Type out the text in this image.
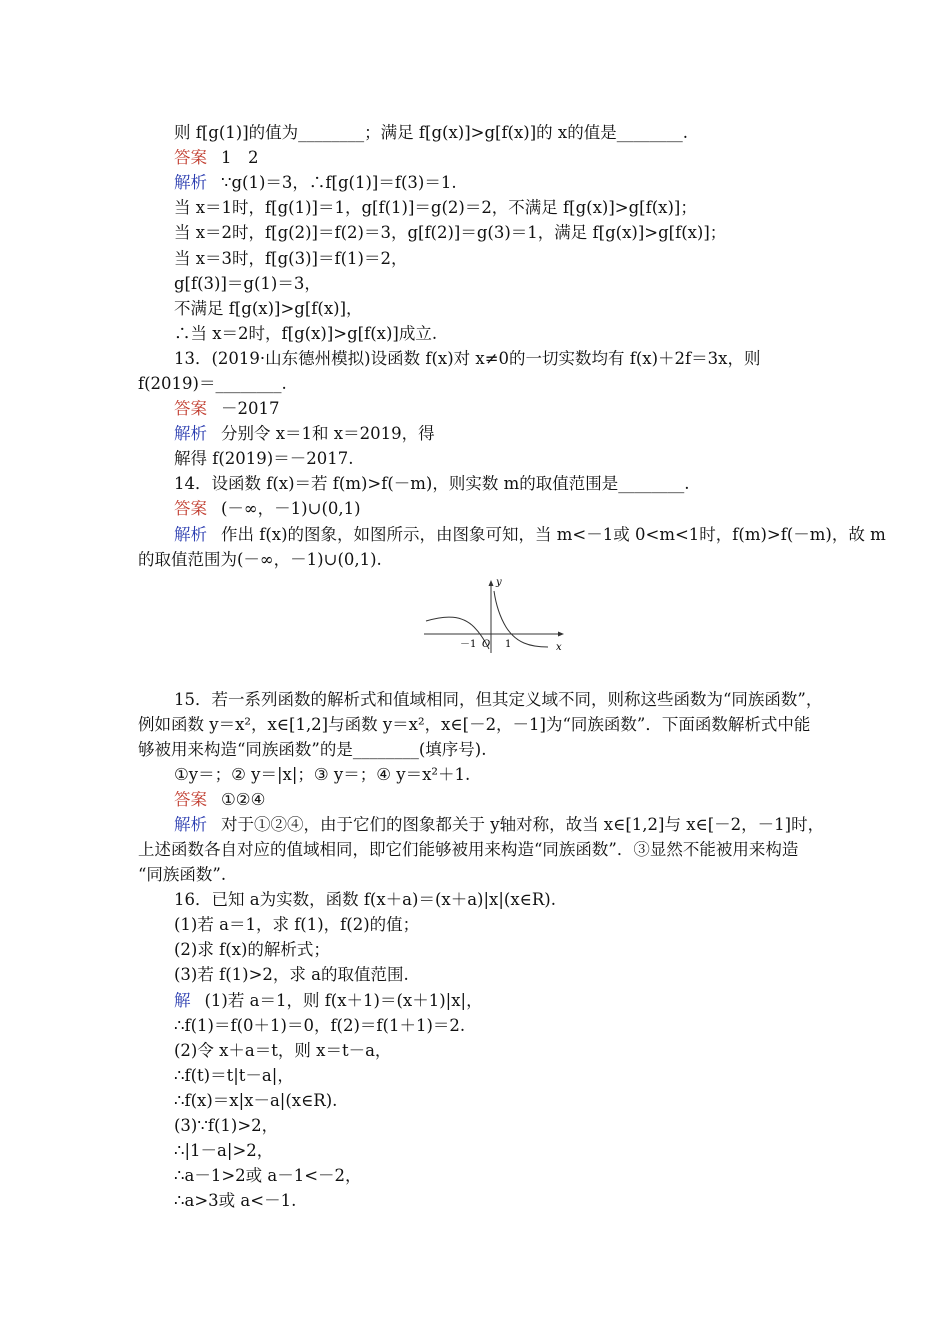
则 f[g(1)]的值为________；满足 f[g(x)]>g[f(x)]的 x的值是________.
答案 1　2
解析 ∵g(1)＝3，∴f[g(1)]＝f(3)＝1.
当 x＝1时，f[g(1)]＝1，g[f(1)]＝g(2)＝2，不满足 f[g(x)]>g[f(x)]；
当 x＝2时，f[g(2)]＝f(2)＝3，g[f(2)]＝g(3)＝1，满足 f[g(x)]>g[f(x)]；
当 x＝3时，f[g(3)]＝f(1)＝2，
g[f(3)]＝g(1)＝3，
不满足 f[g(x)]>g[f(x)]，
∴当 x＝2时，f[g(x)]>g[f(x)]成立.
13．(2019·山东德州模拟)设函数 f(x)对 x≠0的一切实数均有 f(x)＋2f＝3x，则
f(2019)＝________.
答案 －2017
解析 分别令 x＝1和 x＝2019，得
解得 f(2019)＝－2017.
14．设函数 f(x)＝若 f(m)>f(－m)，则实数 m的取值范围是________.
答案 (－∞，－1)∪(0,1)
解析 作出 f(x)的图象，如图所示，由图象可知，当 m<－1或 0<m<1时，f(m)>f(－m)，故 m
的取值范围为(－∞，－1)∪(0,1).
y
x
O
－1	1
15．若一系列函数的解析式和值域相同，但其定义域不同，则称这些函数为“同族函数”，
例如函数 y＝x²，x∈[1,2]与函数 y＝x²，x∈[－2，－1]为“同族函数”．下面函数解析式中能
够被用来构造“同族函数”的是________(填序号).
①y＝；② y＝|x|；③ y＝；④ y＝x²＋1.
答案 ①②④
解析 对于①②④，由于它们的图象都关于 y轴对称，故当 x∈[1,2]与 x∈[－2，－1]时，
上述函数各自对应的值域相同，即它们能够被用来构造“同族函数”．③显然不能被用来构造
“同族函数”.
16．已知 a为实数，函数 f(x＋a)＝(x＋a)|x|(x∈R).
(1)若 a＝1，求 f(1)，f(2)的值；
(2)求 f(x)的解析式；
(3)若 f(1)>2，求 a的取值范围.
解 (1)若 a＝1，则 f(x＋1)＝(x＋1)|x|，
∴f(1)＝f(0＋1)＝0，f(2)＝f(1＋1)＝2.
(2)令 x＋a＝t，则 x＝t－a，
∴f(t)＝t|t－a|，
∴f(x)＝x|x－a|(x∈R).
(3)∵f(1)>2，
∴|1－a|>2，
∴a－1>2或 a－1<－2，
∴a>3或 a<－1.
